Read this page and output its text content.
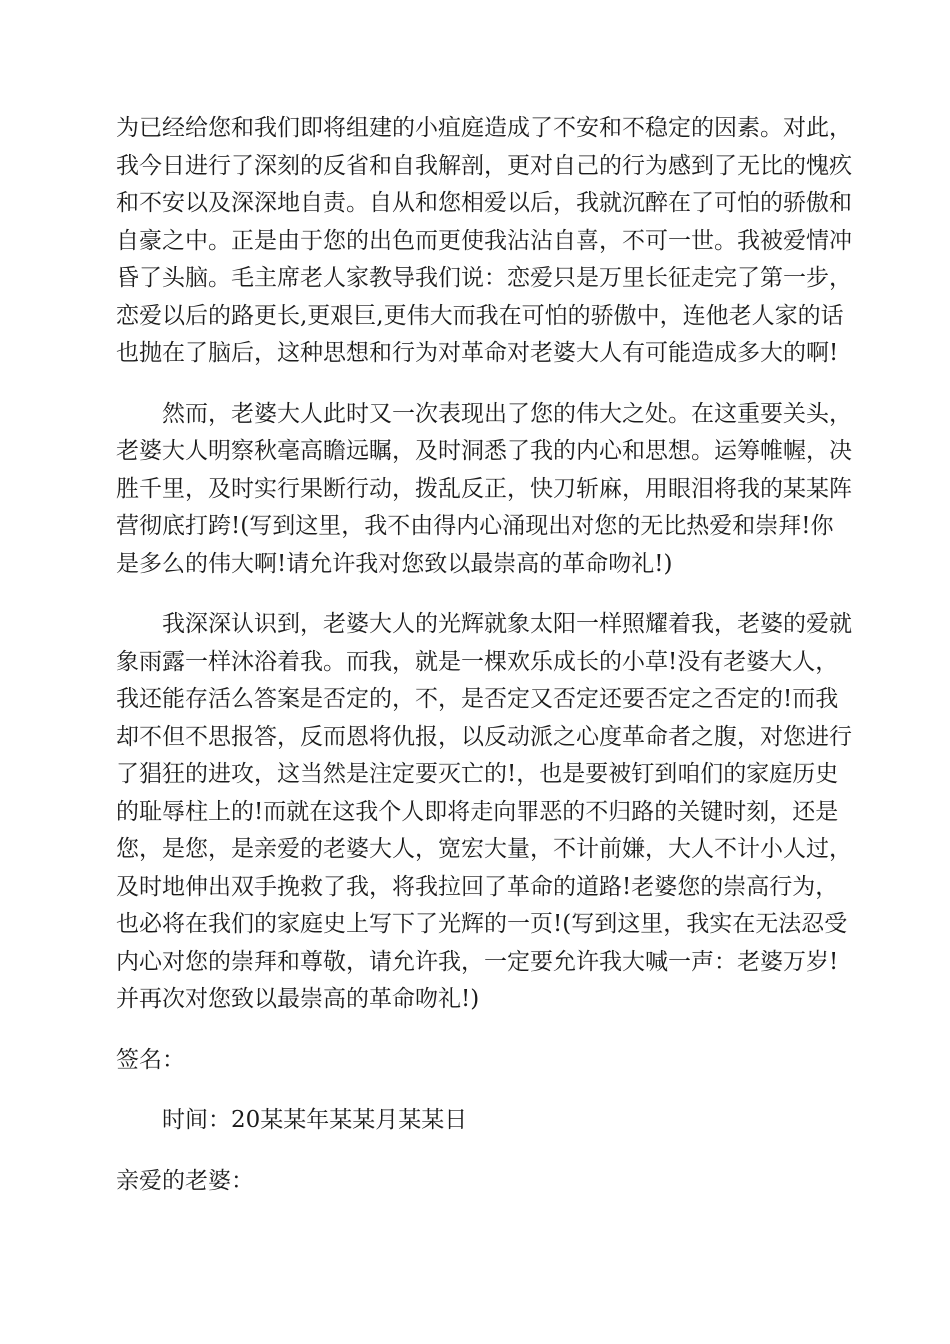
为已经给您和我们即将组建的小疽庭造成了不安和不稳定的因素。对此，
我今日进行了深刻的反省和自我解剖，更对自己的行为感到了无比的愧疚
和不安以及深深地自责。自从和您相爱以后，我就沉醉在了可怕的骄傲和
自豪之中。正是由于您的出色而更使我沾沾自喜，不可一世。我被爱情冲
昏了头脑。毛主席老人家教导我们说：恋爱只是万里长征走完了第一步，
恋爱以后的路更长,更艰巨,更伟大而我在可怕的骄傲中，连他老人家的话
也抛在了脑后，这种思想和行为对革命对老婆大人有可能造成多大的啊!

然而，老婆大人此时又一次表现出了您的伟大之处。在这重要关头，
老婆大人明察秋毫高瞻远瞩，及时洞悉了我的内心和思想。运筹帷幄，决
胜千里，及时实行果断行动，拨乱反正，快刀斩麻，用眼泪将我的某某阵
营彻底打跨!(写到这里，我不由得内心涌现出对您的无比热爱和崇拜!你
是多么的伟大啊!请允许我对您致以最崇高的革命吻礼!)

我深深认识到，老婆大人的光辉就象太阳一样照耀着我，老婆的爱就
象雨露一样沐浴着我。而我，就是一棵欢乐成长的小草!没有老婆大人，
我还能存活么答案是否定的，不，是否定又否定还要否定之否定的!而我
却不但不思报答，反而恩将仇报，以反动派之心度革命者之腹，对您进行
了猖狂的进攻，这当然是注定要灭亡的!，也是要被钉到咱们的家庭历史
的耻辱柱上的!而就在这我个人即将走向罪恶的不归路的关键时刻，还是
您，是您，是亲爱的老婆大人，宽宏大量，不计前嫌，大人不计小人过，
及时地伸出双手挽救了我，将我拉回了革命的道路!老婆您的崇高行为，
也必将在我们的家庭史上写下了光辉的一页!(写到这里，我实在无法忍受
内心对您的崇拜和尊敬，请允许我，一定要允许我大喊一声：老婆万岁!
并再次对您致以最崇高的革命吻礼!)

签名：

时间：20某某年某某月某某日

亲爱的老婆：
